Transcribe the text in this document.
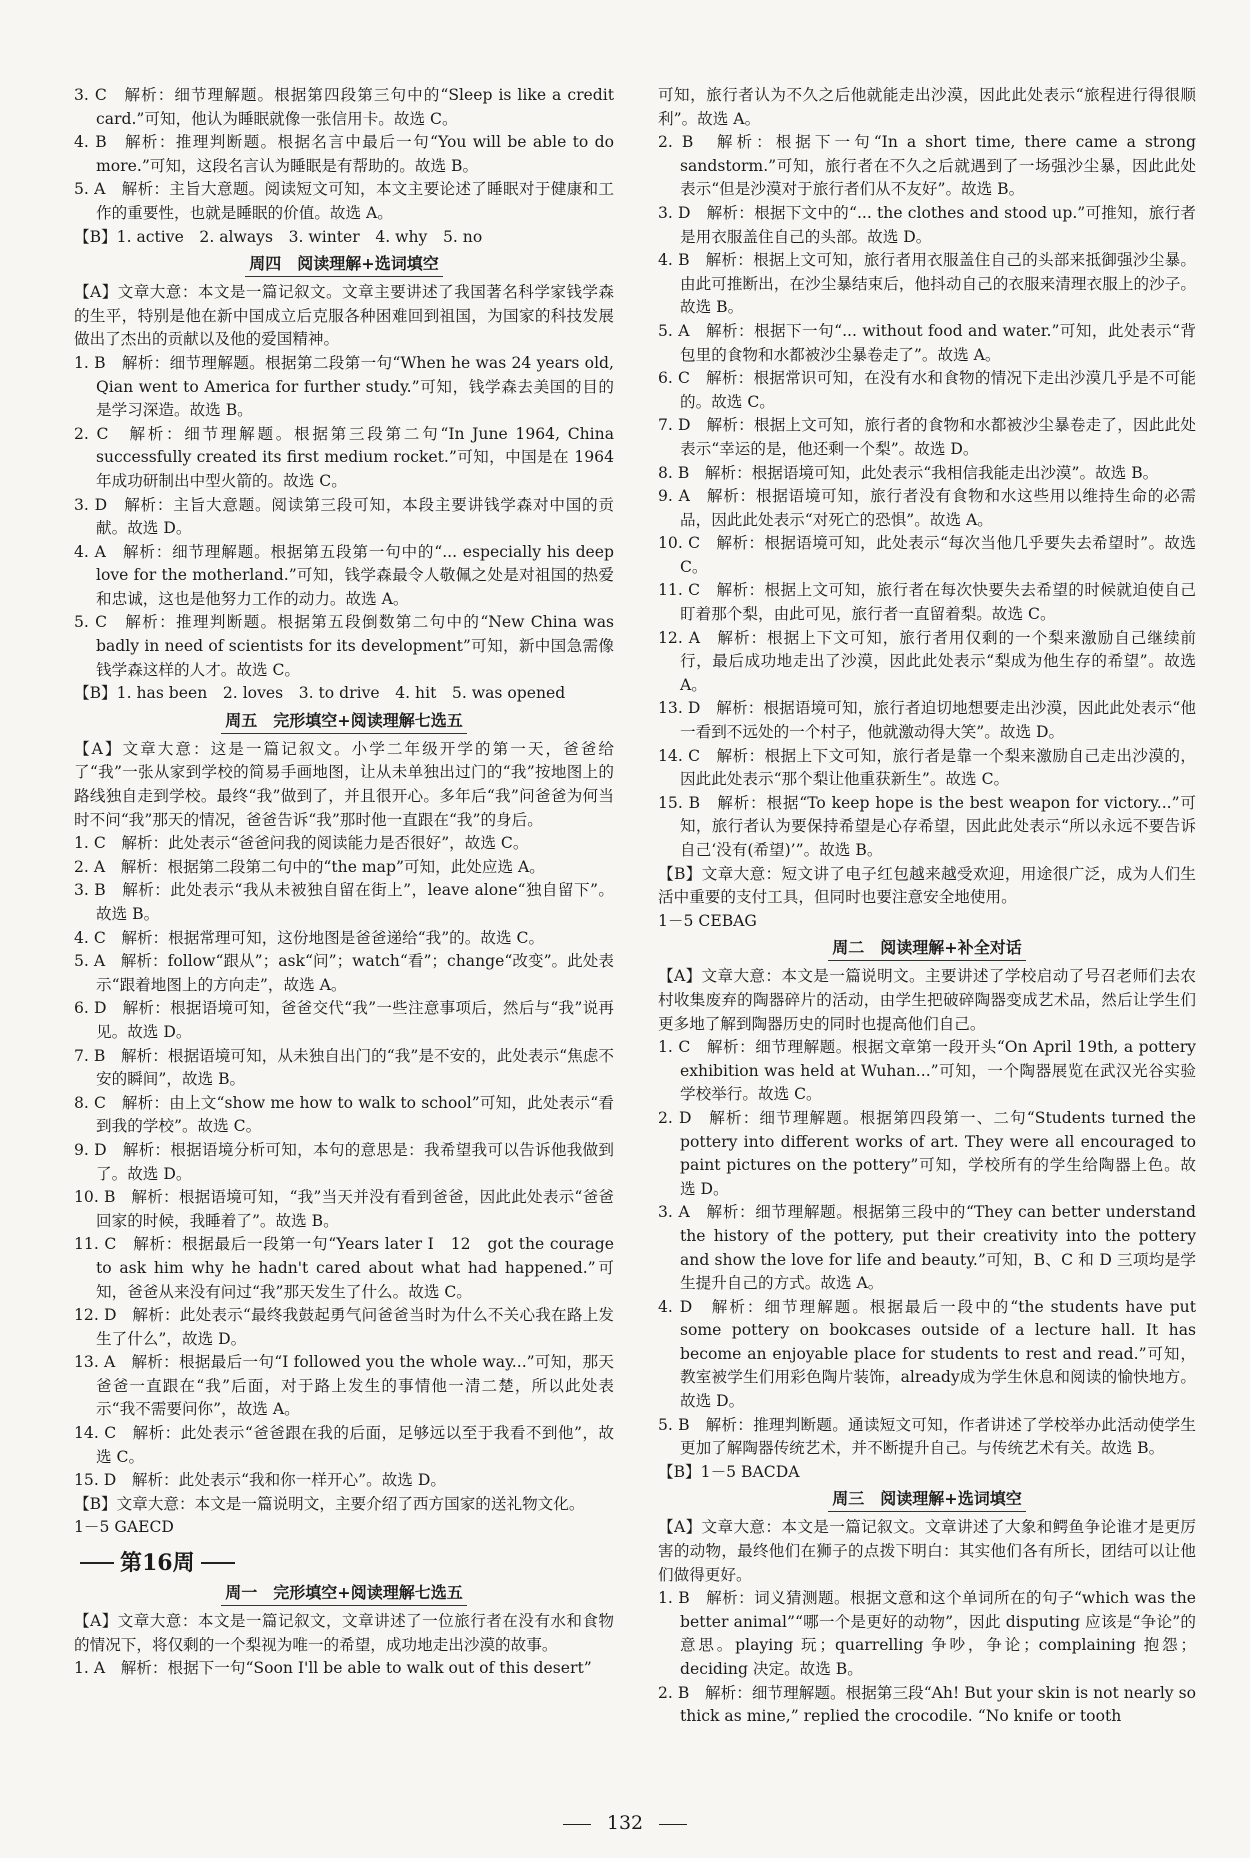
3. C　解析：细节理解题。根据第四段第三句中的“Sleep is like a credit card.”可知，他认为睡眠就像一张信用卡。故选 C。

4. B　解析：推理判断题。根据名言中最后一句“You will be able to do more.”可知，这段名言认为睡眠是有帮助的。故选 B。

5. A　解析：主旨大意题。阅读短文可知，本文主要论述了睡眠对于健康和工作的重要性，也就是睡眠的价值。故选 A。

【B】1. active　2. always　3. winter　4. why　5. no

周四　阅读理解+选词填空

【A】文章大意：本文是一篇记叙文。文章主要讲述了我国著名科学家钱学森的生平，特别是他在新中国成立后克服各种困难回到祖国，为国家的科技发展做出了杰出的贡献以及他的爱国精神。

1. B　解析：细节理解题。根据第二段第一句“When he was 24 years old, Qian went to America for further study.”可知，钱学森去美国的目的是学习深造。故选 B。

2. C　解析：细节理解题。根据第三段第二句“In June 1964, China successfully created its first medium rocket.”可知，中国是在 1964 年成功研制出中型火箭的。故选 C。

3. D　解析：主旨大意题。阅读第三段可知，本段主要讲钱学森对中国的贡献。故选 D。

4. A　解析：细节理解题。根据第五段第一句中的“... especially his deep love for the motherland.”可知，钱学森最令人敬佩之处是对祖国的热爱和忠诚，这也是他努力工作的动力。故选 A。

5. C　解析：推理判断题。根据第五段倒数第二句中的“New China was badly in need of scientists for its development”可知，新中国急需像钱学森这样的人才。故选 C。

【B】1. has been　2. loves　3. to drive　4. hit　5. was opened

周五　完形填空+阅读理解七选五

【A】文章大意：这是一篇记叙文。小学二年级开学的第一天，爸爸给了“我”一张从家到学校的简易手画地图，让从未单独出过门的“我”按地图上的路线独自走到学校。最终“我”做到了，并且很开心。多年后“我”问爸爸为何当时不问“我”那天的情况，爸爸告诉“我”那时他一直跟在“我”的身后。

1. C　解析：此处表示“爸爸问我的阅读能力是否很好”，故选 C。

2. A　解析：根据第二段第二句中的“the map”可知，此处应选 A。

3. B　解析：此处表示“我从未被独自留在街上”，leave alone“独自留下”。故选 B。

4. C　解析：根据常理可知，这份地图是爸爸递给“我”的。故选 C。

5. A　解析：follow“跟从”；ask“问”；watch“看”；change“改变”。此处表示“跟着地图上的方向走”，故选 A。

6. D　解析：根据语境可知，爸爸交代“我”一些注意事项后，然后与“我”说再见。故选 D。

7. B　解析：根据语境可知，从未独自出门的“我”是不安的，此处表示“焦虑不安的瞬间”，故选 B。

8. C　解析：由上文“show me how to walk to school”可知，此处表示“看到我的学校”。故选 C。

9. D　解析：根据语境分析可知，本句的意思是：我希望我可以告诉他我做到了。故选 D。

10. B　解析：根据语境可知，“我”当天并没有看到爸爸，因此此处表示“爸爸回家的时候，我睡着了”。故选 B。

11. C　解析：根据最后一段第一句“Years later I　12　got the courage to ask him why he hadn't cared about what had happened.”可知，爸爸从来没有问过“我”那天发生了什么。故选 C。

12. D　解析：此处表示“最终我鼓起勇气问爸爸当时为什么不关心我在路上发生了什么”，故选 D。

13. A　解析：根据最后一句“I followed you the whole way...”可知，那天爸爸一直跟在“我”后面，对于路上发生的事情他一清二楚，所以此处表示“我不需要问你”，故选 A。

14. C　解析：此处表示“爸爸跟在我的后面，足够远以至于我看不到他”，故选 C。

15. D　解析：此处表示“我和你一样开心”。故选 D。

【B】文章大意：本文是一篇说明文，主要介绍了西方国家的送礼物文化。

1－5 GAECD

第16周
周一　完形填空+阅读理解七选五

【A】文章大意：本文是一篇记叙文，文章讲述了一位旅行者在没有水和食物的情况下，将仅剩的一个梨视为唯一的希望，成功地走出沙漠的故事。

1. A　解析：根据下一句“Soon I'll be able to walk out of this desert”

可知，旅行者认为不久之后他就能走出沙漠，因此此处表示“旅程进行得很顺利”。故选 A。

2. B　解析：根据下一句“In a short time, there came a strong sandstorm.”可知，旅行者在不久之后就遇到了一场强沙尘暴，因此此处表示“但是沙漠对于旅行者们从不友好”。故选 B。

3. D　解析：根据下文中的“... the clothes and stood up.”可推知，旅行者是用衣服盖住自己的头部。故选 D。

4. B　解析：根据上文可知，旅行者用衣服盖住自己的头部来抵御强沙尘暴。由此可推断出，在沙尘暴结束后，他抖动自己的衣服来清理衣服上的沙子。故选 B。

5. A　解析：根据下一句“... without food and water.”可知，此处表示“背包里的食物和水都被沙尘暴卷走了”。故选 A。

6. C　解析：根据常识可知，在没有水和食物的情况下走出沙漠几乎是不可能的。故选 C。

7. D　解析：根据上文可知，旅行者的食物和水都被沙尘暴卷走了，因此此处表示“幸运的是，他还剩一个梨”。故选 D。

8. B　解析：根据语境可知，此处表示“我相信我能走出沙漠”。故选 B。

9. A　解析：根据语境可知，旅行者没有食物和水这些用以维持生命的必需品，因此此处表示“对死亡的恐惧”。故选 A。

10. C　解析：根据语境可知，此处表示“每次当他几乎要失去希望时”。故选 C。

11. C　解析：根据上文可知，旅行者在每次快要失去希望的时候就迫使自己盯着那个梨，由此可见，旅行者一直留着梨。故选 C。

12. A　解析：根据上下文可知，旅行者用仅剩的一个梨来激励自己继续前行，最后成功地走出了沙漠，因此此处表示“梨成为他生存的希望”。故选 A。

13. D　解析：根据语境可知，旅行者迫切地想要走出沙漠，因此此处表示“他一看到不远处的一个村子，他就激动得大笑”。故选 D。

14. C　解析：根据上下文可知，旅行者是靠一个梨来激励自己走出沙漠的，因此此处表示“那个梨让他重获新生”。故选 C。

15. B　解析：根据“To keep hope is the best weapon for victory...”可知，旅行者认为要保持希望是心存希望，因此此处表示“所以永远不要告诉自己‘没有(希望)’”。故选 B。

【B】文章大意：短文讲了电子红包越来越受欢迎，用途很广泛，成为人们生活中重要的支付工具，但同时也要注意安全地使用。

1－5 CEBAG

周二　阅读理解+补全对话

【A】文章大意：本文是一篇说明文。主要讲述了学校启动了号召老师们去农村收集废弃的陶器碎片的活动，由学生把破碎陶器变成艺术品，然后让学生们更多地了解到陶器历史的同时也提高他们自己。

1. C　解析：细节理解题。根据文章第一段开头“On April 19th, a pottery exhibition was held at Wuhan...”可知，一个陶器展览在武汉光谷实验学校举行。故选 C。

2. D　解析：细节理解题。根据第四段第一、二句“Students turned the pottery into different works of art. They were all encouraged to paint pictures on the pottery”可知，学校所有的学生给陶器上色。故选 D。

3. A　解析：细节理解题。根据第三段中的“They can better understand the history of the pottery, put their creativity into the pottery and show the love for life and beauty.”可知，B、C 和 D 三项均是学生提升自己的方式。故选 A。

4. D　解析：细节理解题。根据最后一段中的“the students have put some pottery on bookcases outside of a lecture hall. It has become an enjoyable place for students to rest and read.”可知，教室被学生们用彩色陶片装饰，already成为学生休息和阅读的愉快地方。故选 D。

5. B　解析：推理判断题。通读短文可知，作者讲述了学校举办此活动使学生更加了解陶器传统艺术，并不断提升自己。与传统艺术有关。故选 B。

【B】1－5 BACDA

周三　阅读理解+选词填空

【A】文章大意：本文是一篇记叙文。文章讲述了大象和鳄鱼争论谁才是更厉害的动物，最终他们在狮子的点拨下明白：其实他们各有所长，团结可以让他们做得更好。

1. B　解析：词义猜测题。根据文意和这个单词所在的句子“which was the better animal”“哪一个是更好的动物”，因此 disputing 应该是“争论”的意思。playing 玩；quarrelling 争吵，争论；complaining 抱怨；deciding 决定。故选 B。

2. B　解析：细节理解题。根据第三段“Ah! But your skin is not nearly so thick as mine,” replied the crocodile. “No knife or tooth

132
